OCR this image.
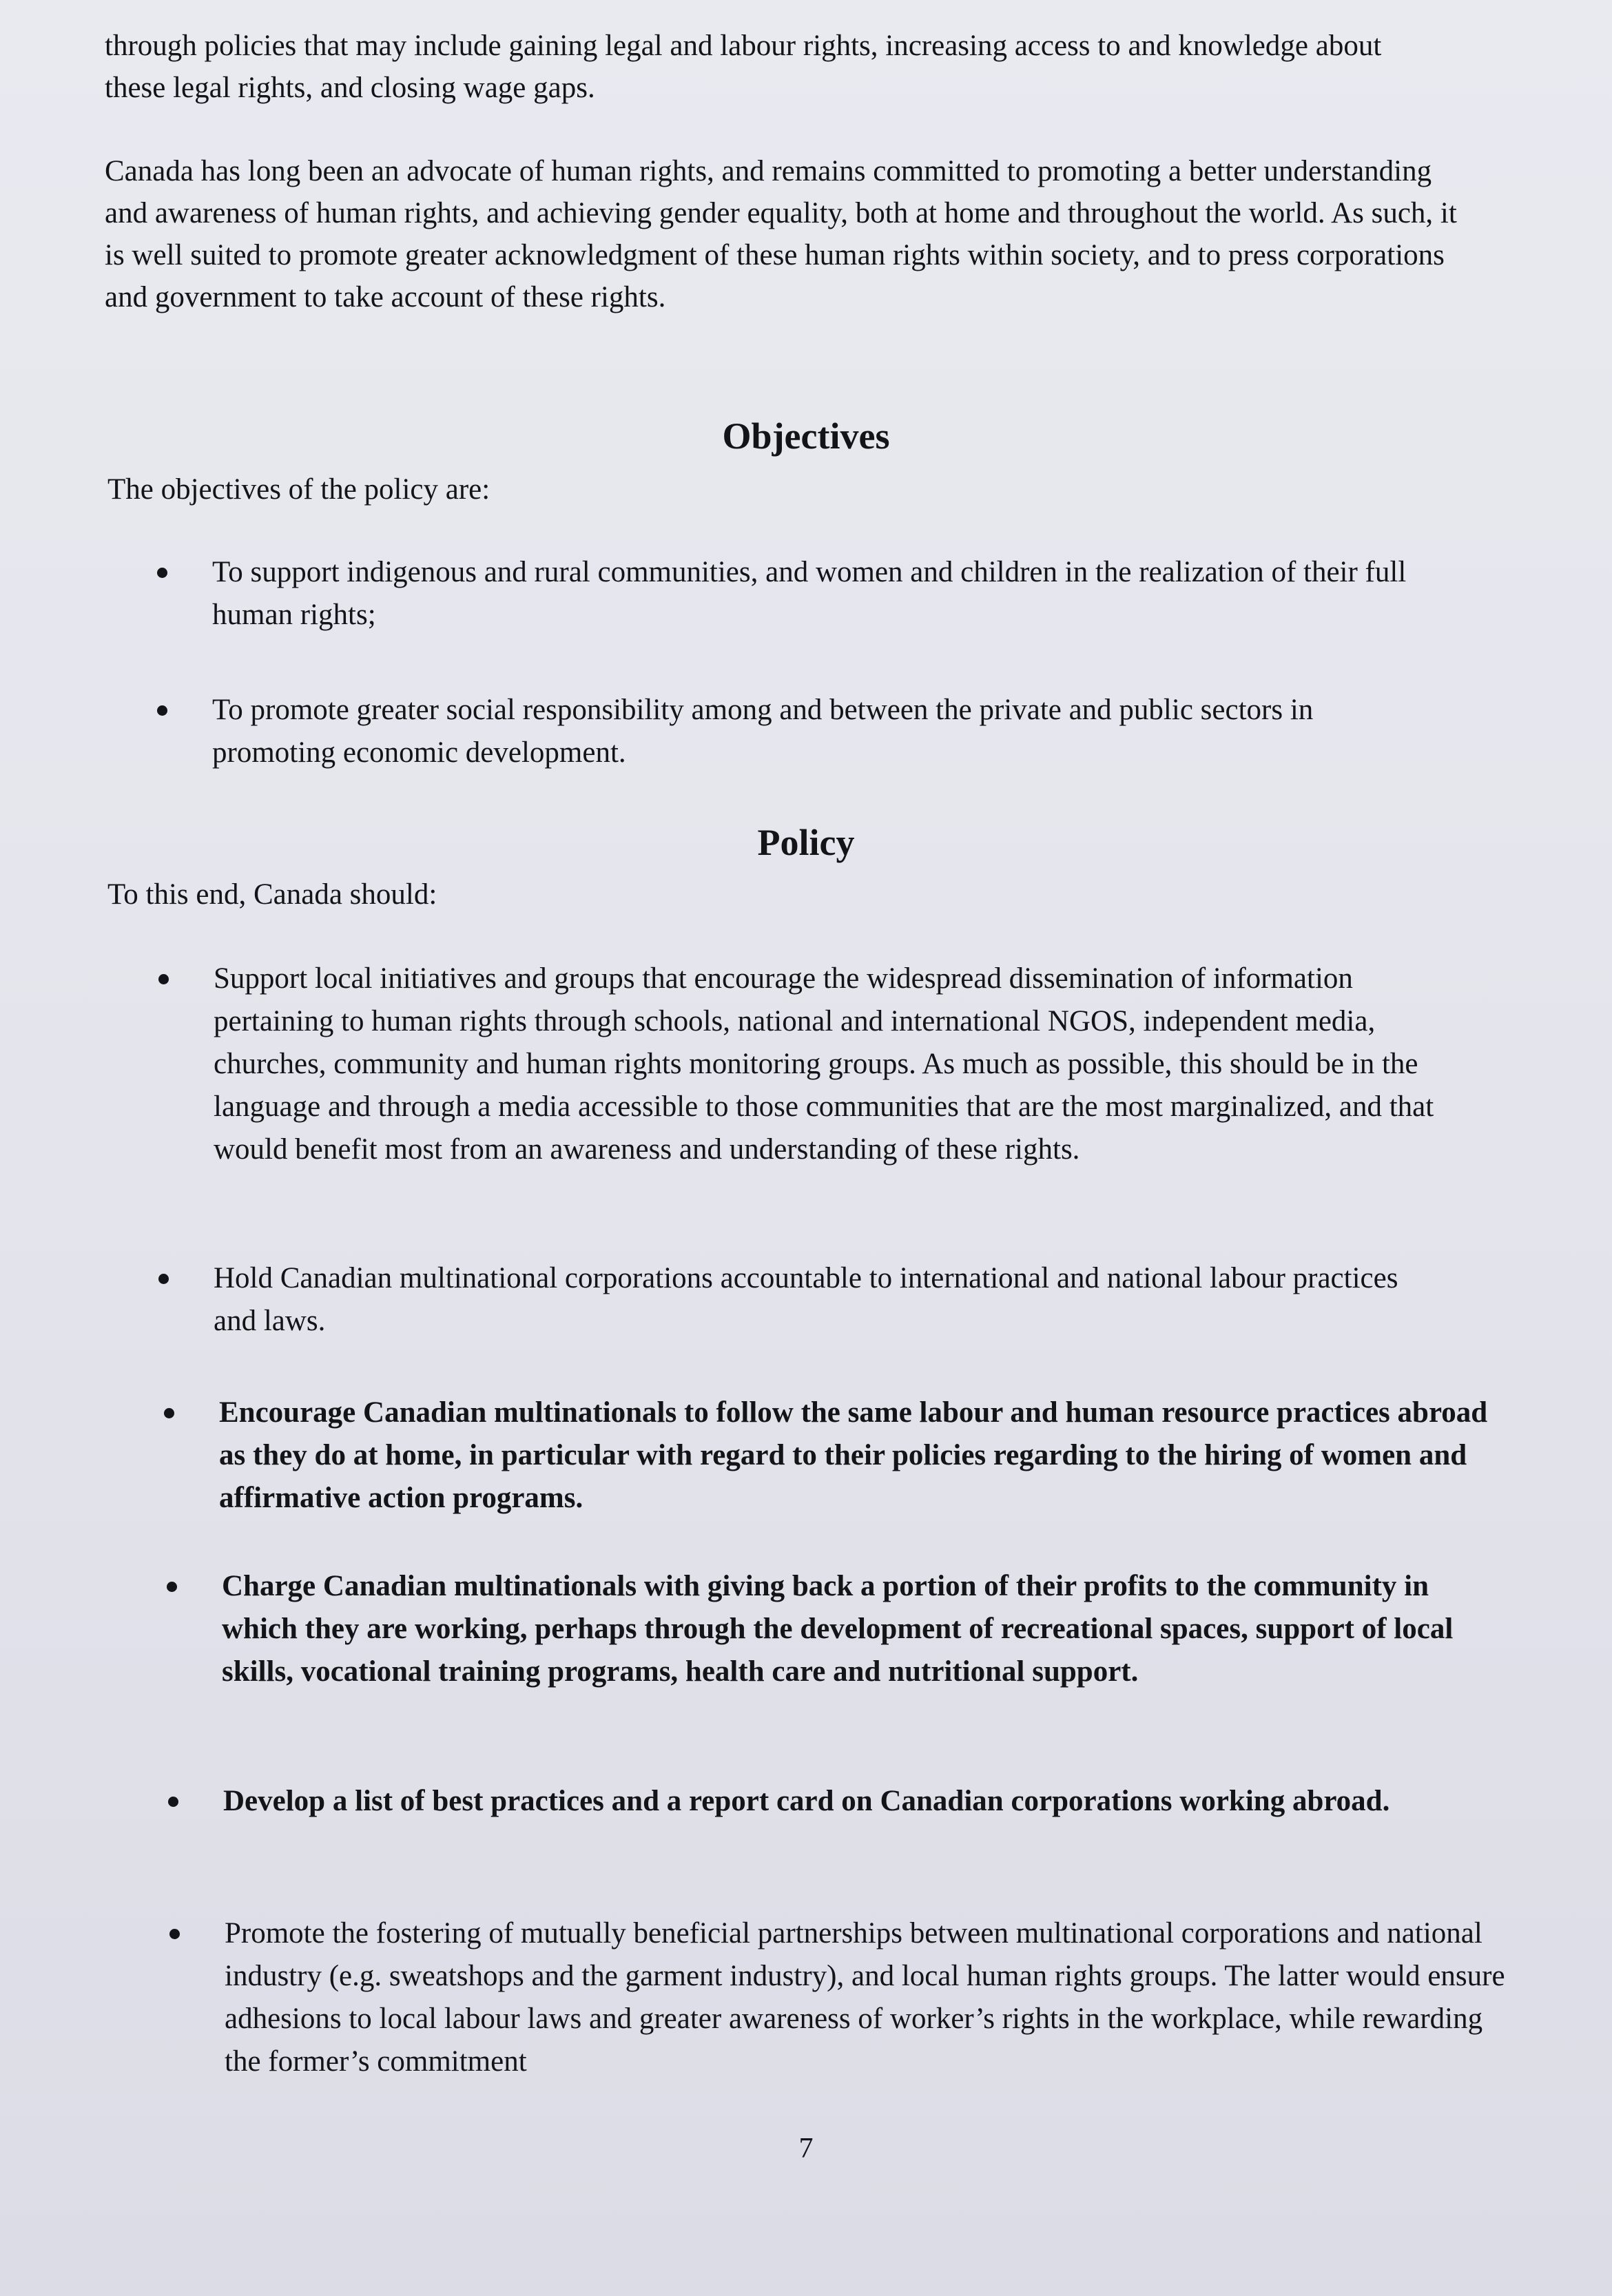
through policies that may include gaining legal and labour rights, increasing access to and knowledge about these legal rights, and closing wage gaps.

Canada has long been an advocate of human rights, and remains committed to promoting a better understanding and awareness of human rights, and achieving gender equality, both at home and throughout the world. As such, it is well suited to promote greater acknowledgment of these human rights within society, and to press corporations and government to take account of these rights.

Objectives

The objectives of the policy are:

To support indigenous and rural communities, and women and children in the realization of their full human rights;
To promote greater social responsibility among and between the private and public sectors in promoting economic development.
Policy

To this end, Canada should:

Support local initiatives and groups that encourage the widespread dissemination of information pertaining to human rights through schools, national and international NGOS, independent media, churches, community and human rights monitoring groups. As much as possible, this should be in the language and through a media accessible to those communities that are the most marginalized, and that would benefit most from an awareness and understanding of these rights.
Hold Canadian multinational corporations accountable to international and national labour practices and laws.
Encourage Canadian multinationals to follow the same labour and human resource practices abroad as they do at home, in particular with regard to their policies regarding to the hiring of women and affirmative action programs.
Charge Canadian multinationals with giving back a portion of their profits to the community in which they are working, perhaps through the development of recreational spaces, support of local skills, vocational training programs, health care and nutritional support.
Develop a list of best practices and a report card on Canadian corporations working abroad.
Promote the fostering of mutually beneficial partnerships between multinational corporations and national industry (e.g. sweatshops and the garment industry), and local human rights groups. The latter would ensure adhesions to local labour laws and greater awareness of worker’s rights in the workplace, while rewarding the former’s commitment
7
